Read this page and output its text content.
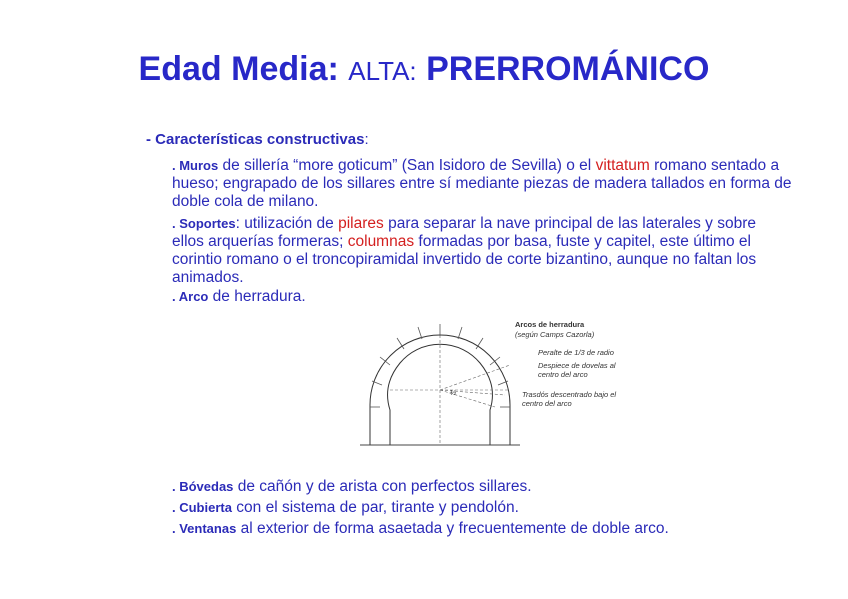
Edad Media: ALTA: PRERROMÁNICO
- Características constructivas:
. Muros de sillería “more goticum” (San Isidoro de Sevilla) o el vittatum romano sentado a hueso; engrapado de los sillares entre sí mediante piezas de madera tallados en forma de doble cola de milano.
. Soportes: utilización de pilares para separar la nave principal de las laterales y sobre ellos arquerías formeras; columnas formadas por basa, fuste y capitel, este último el corintio romano o el troncopiramidal invertido de corte bizantino, aunque no faltan los animados.
. Arco de herradura.
½
Arcos de herradura
(según Camps Cazorla)
Peralte de 1/3 de radio
Despiece de dovelas al
centro del arco
Trasdós descentrado bajo el
centro del arco
. Bóvedas de cañón y de arista con perfectos sillares.
. Cubierta con el sistema de par, tirante y pendolón.
. Ventanas al exterior de forma asaetada y frecuentemente de doble arco.
